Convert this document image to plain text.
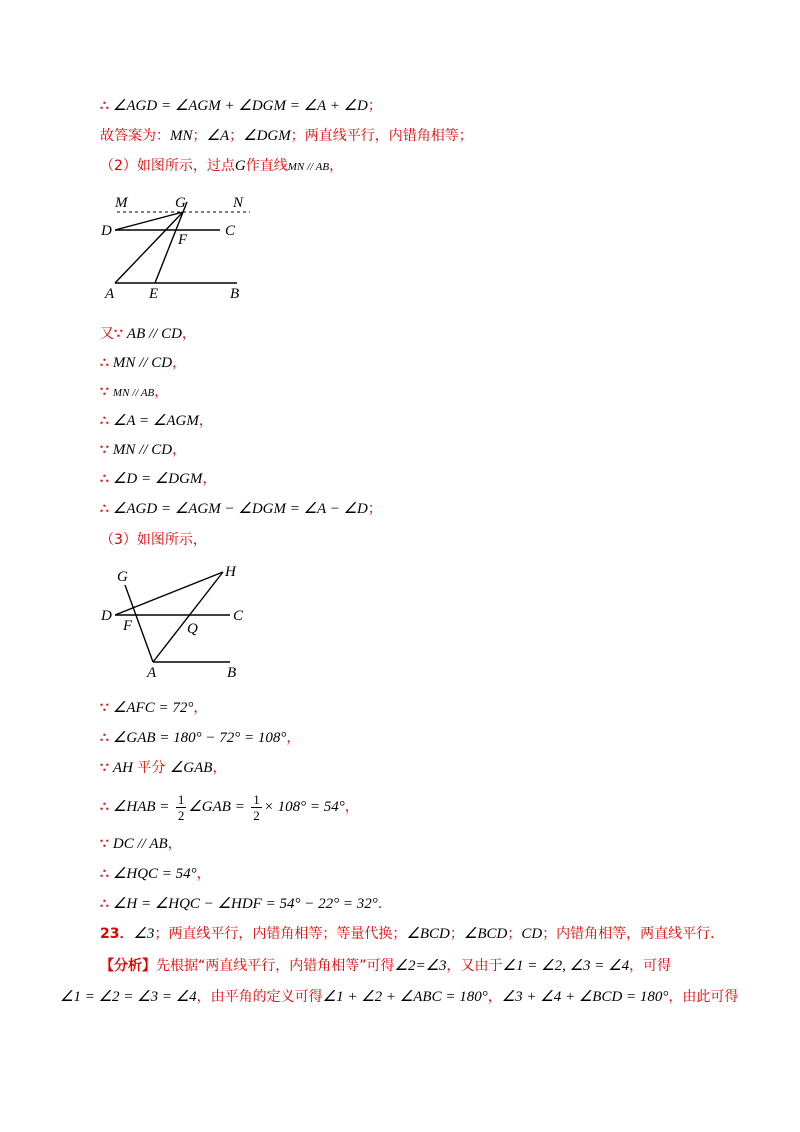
∴ ∠AGD = ∠AGM + ∠DGM = ∠A + ∠D；
故答案为：MN；∠A；∠DGM；两直线平行，内错角相等；
（2）如图所示，过点G作直线MN // AB，
M	G	N
D	C
F
A E	B
又∵ AB // CD，
∴ MN // CD，
∵ MN // AB，
∴ ∠A = ∠AGM，
∵ MN // CD，
∴ ∠D = ∠DGM，
∴ ∠AGD = ∠AGM − ∠DGM = ∠A − ∠D；
（3）如图所示，
G	H
D	C
F	Q
A	B
∵ ∠AFC = 72°，
∴ ∠GAB = 180° − 72° = 108°，
∵ AH 平分 ∠GAB，
∴ ∠HAB = $\frac{1}{2}$ ∠GAB = $\frac{1}{2} \times 108^\circ = 54^\circ$，
∵ DC // AB，
∴ ∠HQC = 54°，
∴ ∠H = ∠HQC − ∠HDF = 54° − 22° = 32°．
23．∠3；两直线平行，内错角相等；等量代换；∠BCD；∠BCD；CD；内错角相等，两直线平行．
【分析】先根据“两直线平行，内错角相等”可得∠2=∠3，又由于∠1 = ∠2, ∠3 = ∠4，可得
∠1 = ∠2 = ∠3 = ∠4，由平角的定义可得∠1 + ∠2 + ∠ABC = 180°，∠3 + ∠4 + ∠BCD = 180°，由此可得
